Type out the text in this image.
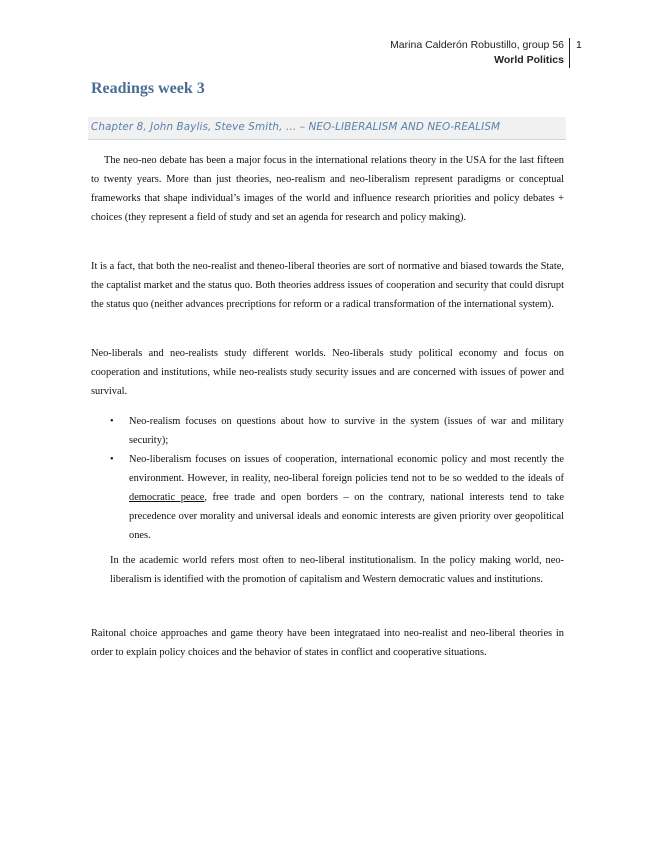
Marina Calderón Robustillo, group 56
World Politics
1
Readings week 3
Chapter 8, John Baylis, Steve Smith, … – NEO-LIBERALISM AND NEO-REALISM
The neo-neo debate has been a major focus in the international relations theory in the USA for the last fifteen to twenty years. More than just theories, neo-realism and neo-liberalism represent paradigms or conceptual frameworks that shape individual’s images of the world and influence research priorities and policy debates + choices (they represent a field of study and set an agenda for research and policy making).
It is a fact, that both the neo-realist and theneo-liberal theories are sort of normative and biased towards the State, the captalist market and the status quo. Both theories address issues of cooperation and security that could disrupt the status quo (neither advances precriptions for reform or a radical transformation of the international system).
Neo-liberals and neo-realists study different worlds. Neo-liberals study political economy and focus on cooperation and institutions, while neo-realists study security issues and are concerned with issues of power and survival.
• Neo-realism focuses on questions about how to survive in the system (issues of war and military security);
• Neo-liberalism focuses on issues of cooperation, international economic policy and most recently the environment. However, in reality, neo-liberal foreign policies tend not to be so wedded to the ideals of democratic peace, free trade and open borders – on the contrary, national interests tend to take precedence over morality and universal ideals and eonomic interests are given priority over geopolitical ones.
In the academic world refers most often to neo-liberal institutionalism. In the policy making world, neo-liberalism is identified with the promotion of capitalism and Western democratic values and institutions.
Raitonal choice approaches and game theory have been integrataed into neo-realist and neo-liberal theories in order to explain policy choices and the behavior of states in conflict and cooperative situations.
